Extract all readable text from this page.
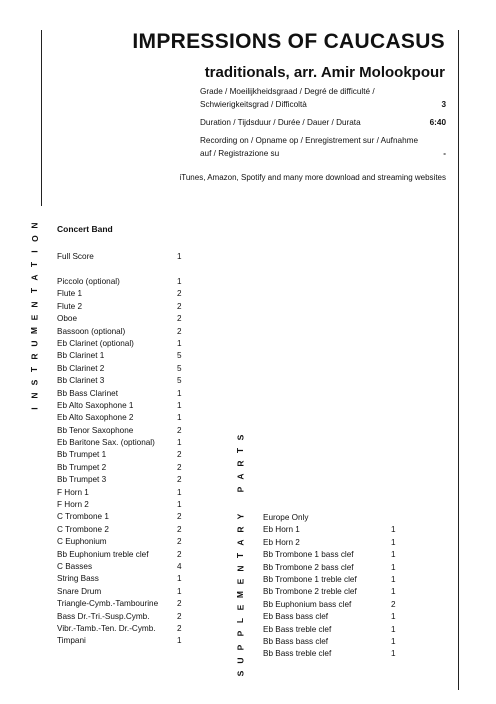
IMPRESSIONS OF CAUCASUS
traditionals, arr. Amir Molookpour
Grade / Moeilijkheidsgraad / Degré de difficulté / Schwierigkeitsgrad / Difficoltà	3
Duration / Tijdsduur / Durée / Dauer / Durata	6:40
Recording on / Opname op / Enregistrement sur / Aufnahme auf / Registrazione su	-
iTunes, Amazon, Spotify and many more download and streaming websites
N
O
I
T
A
T
N
E
M
U
R
T
S
N
I
S
T
R
A
P

Y
R
A
T
N
E
M
E
L
P
P
U
S
Concert Band
Full Score	1
Piccolo (optional)	1
Flute 1	2
Flute 2	2
Oboe	2
Bassoon (optional)	2
Eb Clarinet (optional)	1
Bb Clarinet 1	5
Bb Clarinet 2	5
Bb Clarinet 3	5
Bb Bass Clarinet	1
Eb Alto Saxophone 1	1
Eb Alto Saxophone 2	1
Bb Tenor Saxophone	2
Eb Baritone Sax. (optional)	1
Bb Trumpet 1	2
Bb Trumpet 2	2
Bb Trumpet 3	2
F Horn 1	1
F Horn 2	1
C Trombone 1	2
C Trombone 2	2
C Euphonium	2
Bb Euphonium treble clef	2
C Basses	4
String Bass	1
Snare Drum	1
Triangle-Cymb.-Tambourine 2
Bass Dr.-Tri.-Susp.Cymb.	2
Vibr.-Tamb.-Ten. Dr.-Cymb.	2
Timpani	1
Europe Only
Eb Horn 1	1
Eb Horn 2	1
Bb Trombone 1 bass clef	1
Bb Trombone 2 bass clef	1
Bb Trombone 1 treble clef	1
Bb Trombone 2 treble clef	1
Bb Euphonium bass clef	2
Eb Bass bass clef	1
Eb Bass treble clef	1
Bb Bass bass clef	1
Bb Bass treble clef	1
